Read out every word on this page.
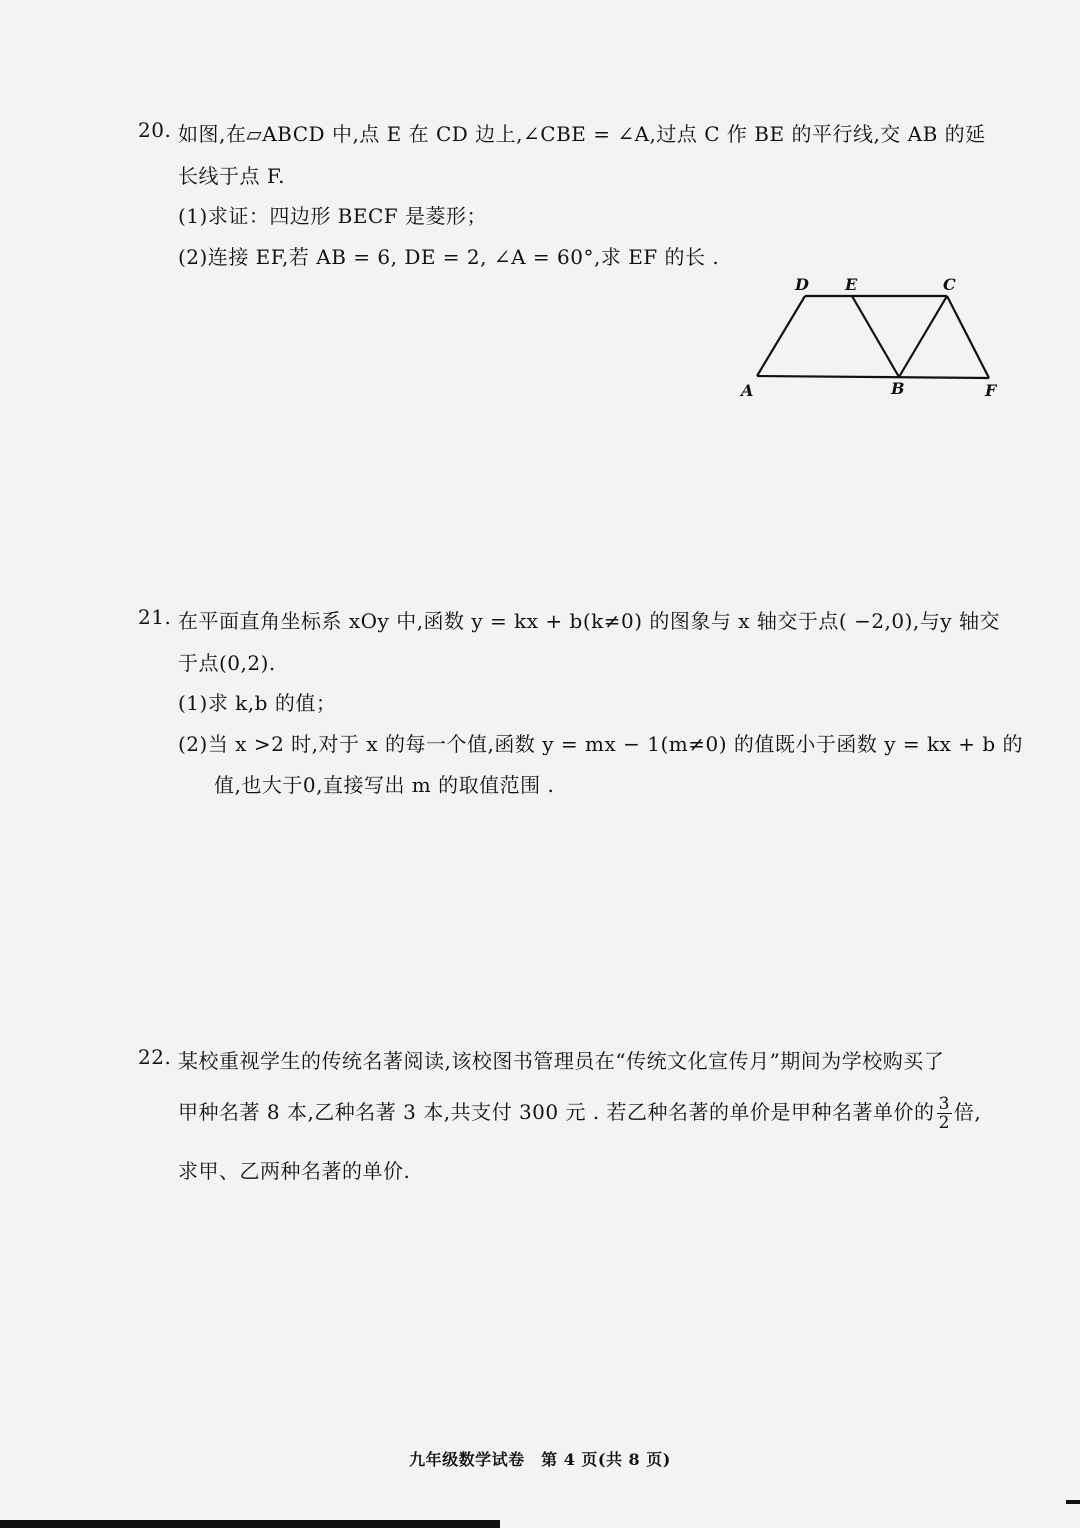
20. 如图,在▱ABCD 中,点 E 在 CD 边上,∠CBE = ∠A,过点 C 作 BE 的平行线,交 AB 的延
长线于点 F.
(1)求证：四边形 BECF 是菱形；
(2)连接 EF,若 AB = 6, DE = 2, ∠A = 60°,求 EF 的长 .
D E	C
A	B	F
21. 在平面直角坐标系 xOy 中,函数 y = kx + b(k≠0) 的图象与 x 轴交于点( −2,0),与y 轴交
于点(0,2).
(1)求 k,b 的值；
(2)当 x >2 时,对于 x 的每一个值,函数 y = mx − 1(m≠0) 的值既小于函数 y = kx + b 的
值,也大于0,直接写出 m 的取值范围 .
22. 某校重视学生的传统名著阅读,该校图书管理员在“传统文化宣传月”期间为学校购买了
甲种名著 8 本,乙种名著 3 本,共支付 300 元 . 若乙种名著的单价是甲种名著单价的 $\frac{3}{2}$ 倍,
求甲、乙两种名著的单价.
九年级数学试卷　第 4 页(共 8 页)
